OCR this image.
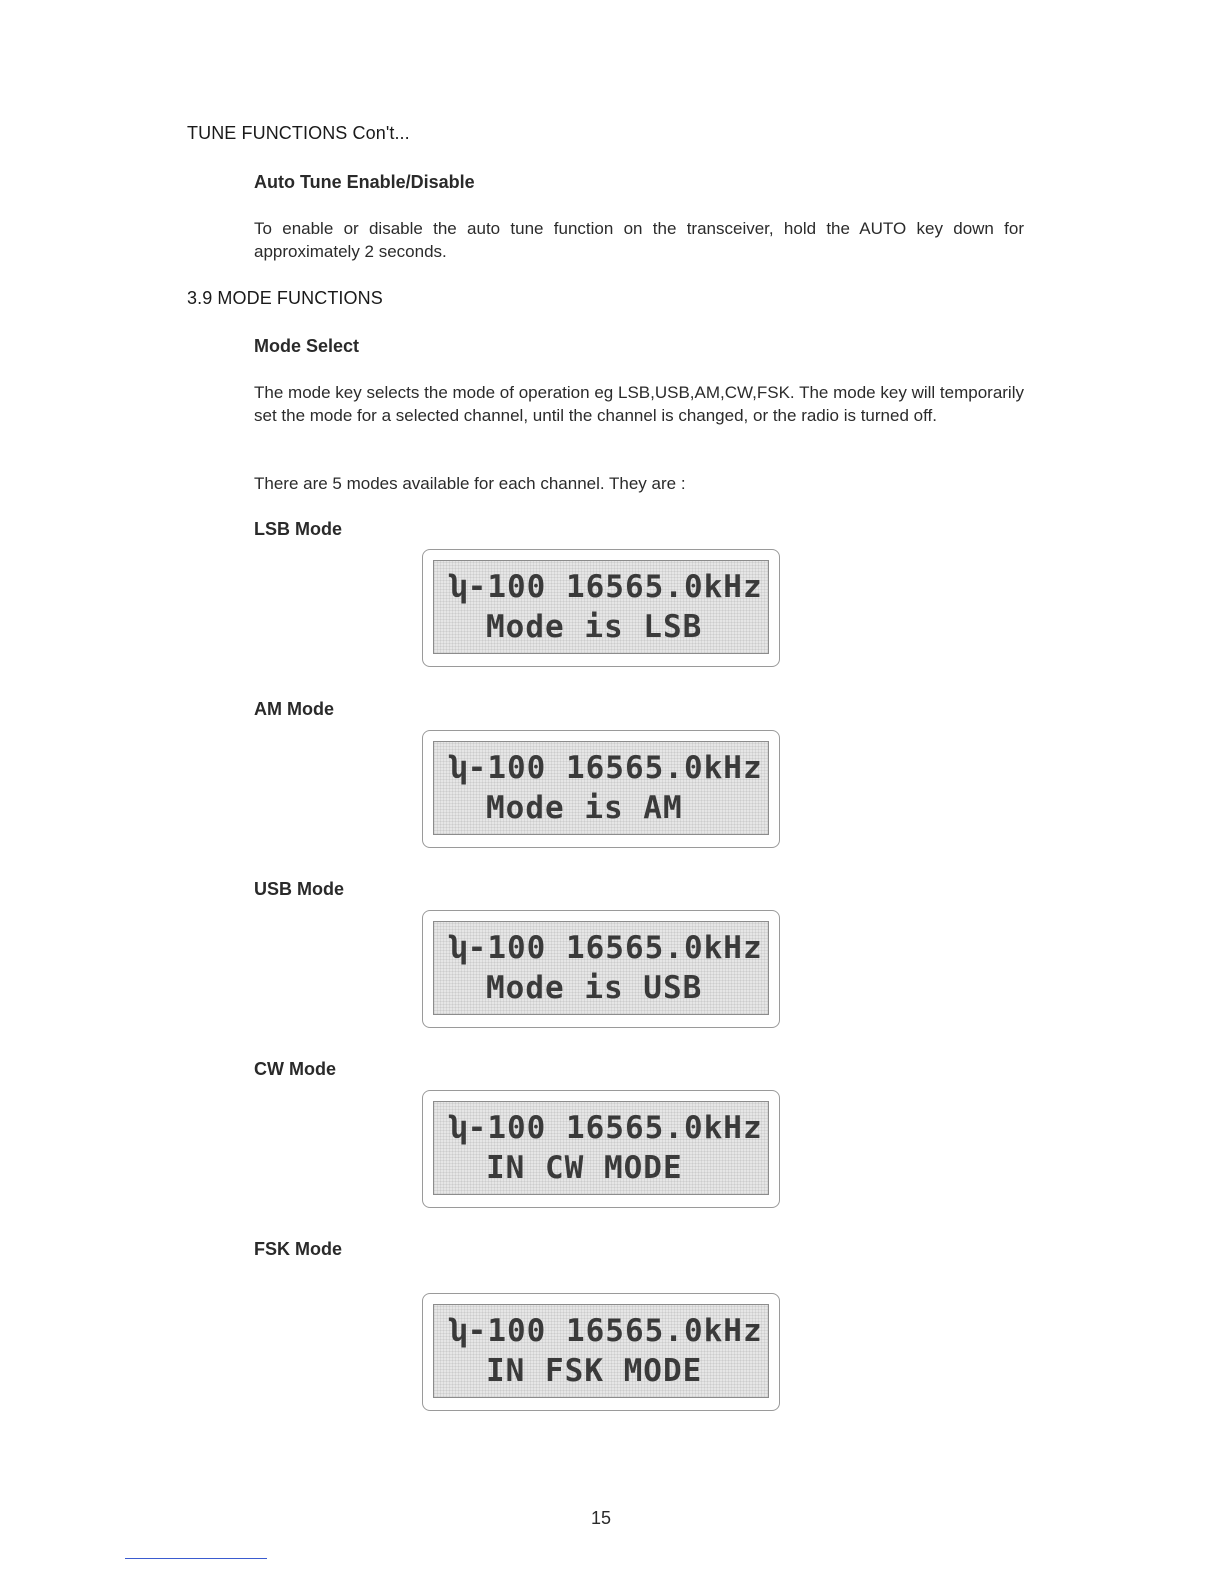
TUNE FUNCTIONS Con't...
Auto Tune Enable/Disable
To enable or disable the auto tune function on the transceiver, hold the AUTO key down for approximately 2 seconds.
3.9 MODE FUNCTIONS
Mode Select
The mode key selects the mode of operation eg LSB,USB,AM,CW,FSK. The mode key will temporarily set the mode for a selected channel, until the channel is changed, or the radio is turned off.
There are 5 modes available for each channel. They are :
LSB Mode
ʮ-100 16565.0kHz
Mode is LSB
AM Mode
ʮ-100 16565.0kHz
Mode is AM
USB Mode
ʮ-100 16565.0kHz
Mode is USB
CW Mode
ʮ-100 16565.0kHz
IN CW MODE
FSK Mode
ʮ-100 16565.0kHz
IN FSK MODE
15
